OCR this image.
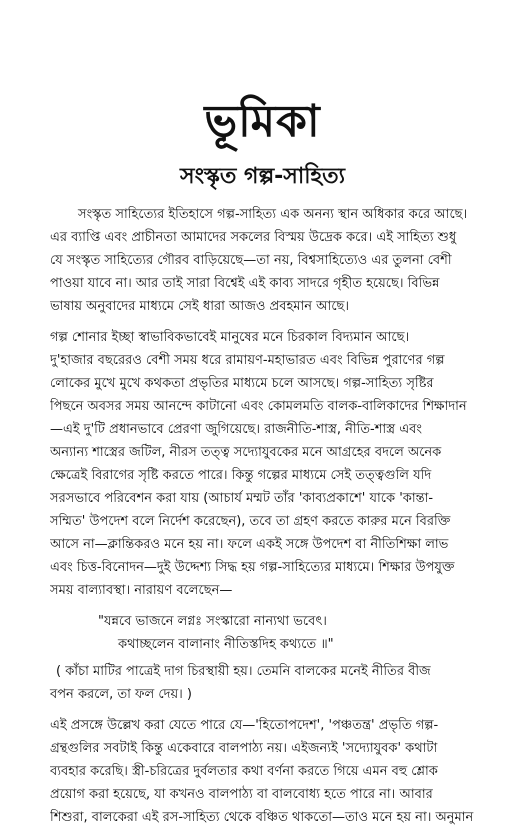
ভূমিকা
সংস্কৃত গল্প-সাহিত্য
সংস্কৃত সাহিত্যের ইতিহাসে গল্প-সাহিত্য এক অনন্য স্থান অধিকার করে আছে।
এর ব্যাপ্তি এবং প্রাচীনতা আমাদের সকলের বিস্ময় উদ্রেক করে। এই সাহিত্য শুধু
যে সংস্কৃত সাহিত্যের গৌরব বাড়িয়েছে—তা নয়, বিশ্বসাহিত্যেও এর তুলনা বেশী
পাওয়া যাবে না। আর তাই সারা বিশ্বেই এই কাব্য সাদরে গৃহীত হয়েছে। বিভিন্ন
ভাষায় অনুবাদের মাধ্যমে সেই ধারা আজও প্রবহমান আছে।
গল্প শোনার ইচ্ছা স্বাভাবিকভাবেই মানুষের মনে চিরকাল বিদ্যমান আছে।
দু'হাজার বছরেরও বেশী সময় ধরে রামায়ণ-মহাভারত এবং বিভিন্ন পুরাণের গল্প
লোকের মুখে মুখে কথকতা প্রভৃতির মাধ্যমে চলে আসছে। গল্প-সাহিত্য সৃষ্টির
পিছনে অবসর সময় আনন্দে কাটানো এবং কোমলমতি বালক-বালিকাদের শিক্ষাদান
—এই দু'টি প্রধানভাবে প্রেরণা জুগিয়েছে। রাজনীতি-শাস্ত্র, নীতি-শাস্ত্র এবং
অন্যান্য শাস্ত্রের জটিল, নীরস তত্ত্ব সদ্যোযুবকের মনে আগ্রহের বদলে অনেক
ক্ষেত্রেই বিরাগের সৃষ্টি করতে পারে। কিন্তু গল্পের মাধ্যমে সেই তত্ত্বগুলি যদি
সরসভাবে পরিবেশন করা যায় (আচার্য মম্মট তাঁর 'কাব্যপ্রকাশে' যাকে 'কান্তা-
সম্মিত' উপদেশ বলে নির্দেশ করেছেন), তবে তা গ্রহণ করতে কারুর মনে বিরক্তি
আসে না—ক্লান্তিকরও মনে হয় না। ফলে একই সঙ্গে উপদেশ বা নীতিশিক্ষা লাভ
এবং চিত্ত-বিনোদন—দুই উদ্দেশ্য সিদ্ধ হয় গল্প-সাহিত্যের মাধ্যমে। শিক্ষার উপযুক্ত
সময় বাল্যাবস্থা। নারায়ণ বলেছেন—
"যন্নবে ভাজনে লগ্নঃ সংস্কারো নান্যথা ভবেৎ।
কথাচ্ছলেন বালানাং নীতিস্তদিহ কথ্যতে ॥"
( কাঁচা মাটির পাত্রেই দাগ চিরস্থায়ী হয়। তেমনি বালকের মনেই নীতির বীজ
বপন করলে, তা ফল দেয়। )
এই প্রসঙ্গে উল্লেখ করা যেতে পারে যে—'হিতোপদেশ', 'পঞ্চতন্ত্র' প্রভৃতি গল্প-
গ্রন্থগুলির সবটাই কিন্তু একেবারে বালপাঠ্য নয়। এইজন্যই 'সদ্যোযুবক' কথাটা
ব্যবহার করেছি। স্ত্রী-চরিত্রের দুর্বলতার কথা বর্ণনা করতে গিয়ে এমন বহু শ্লোক
প্রয়োগ করা হয়েছে, যা কখনও বালপাঠ্য বা বালবোধ্য হতে পারে না। আবার
শিশুরা, বালকেরা এই রস-সাহিত্য থেকে বঞ্চিত থাকতো—তাও মনে হয় না। অনুমান
